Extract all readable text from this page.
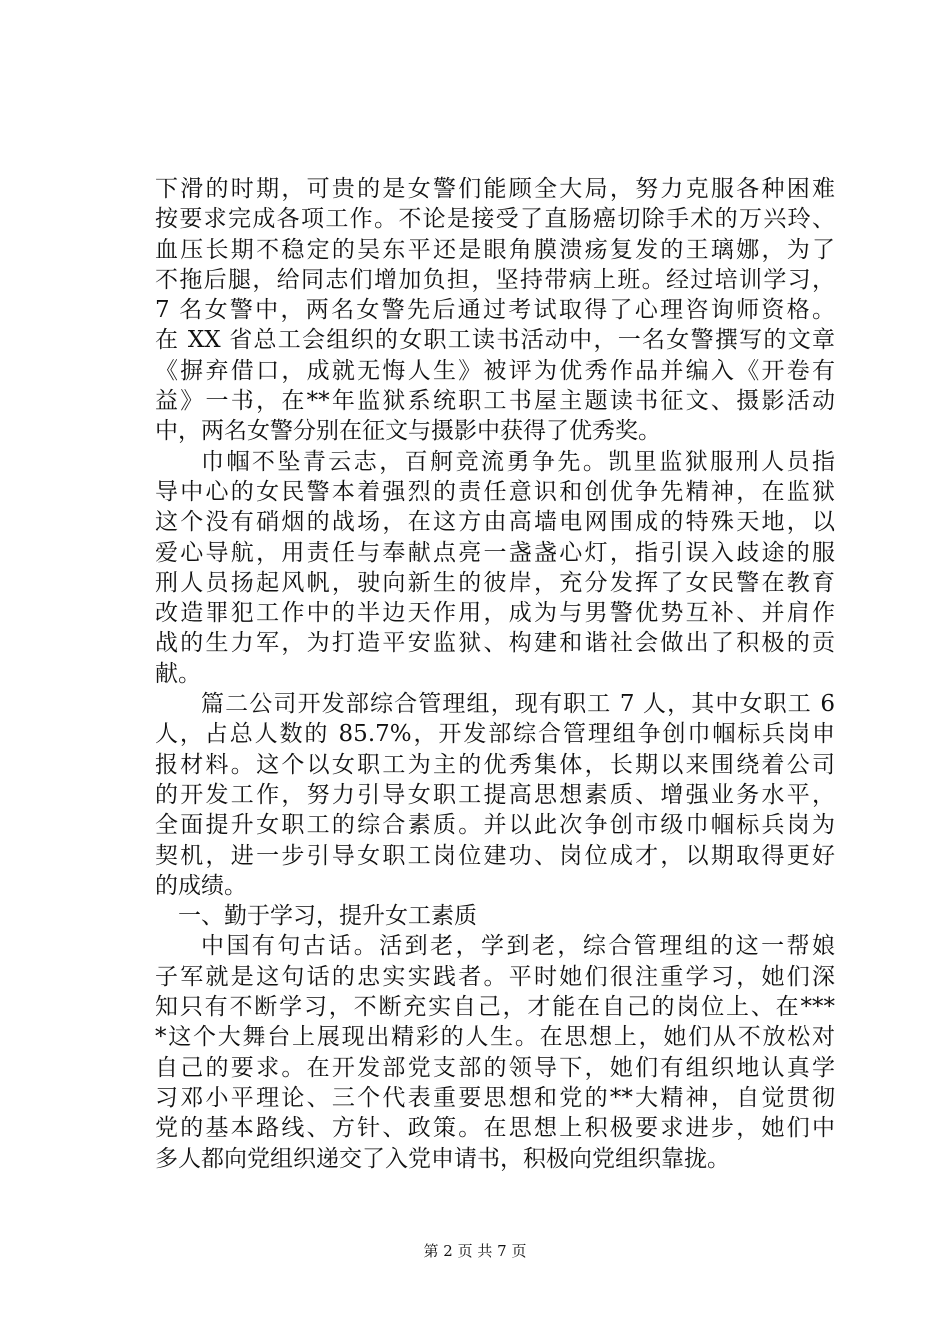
下滑的时期，可贵的是女警们能顾全大局，努力克服各种困难
按要求完成各项工作。不论是接受了直肠癌切除手术的万兴玲、
血压长期不稳定的吴东平还是眼角膜溃疡复发的王璃娜，为了
不拖后腿，给同志们增加负担，坚持带病上班。经过培训学习，
7 名女警中，两名女警先后通过考试取得了心理咨询师资格。
在 XX 省总工会组织的女职工读书活动中，一名女警撰写的文章
《摒弃借口，成就无悔人生》被评为优秀作品并编入《开卷有
益》一书，在**年监狱系统职工书屋主题读书征文、摄影活动
中，两名女警分别在征文与摄影中获得了优秀奖。
巾帼不坠青云志，百舸竞流勇争先。凯里监狱服刑人员指
导中心的女民警本着强烈的责任意识和创优争先精神，在监狱
这个没有硝烟的战场，在这方由高墙电网围成的特殊天地，以
爱心导航，用责任与奉献点亮一盏盏心灯，指引误入歧途的服
刑人员扬起风帆，驶向新生的彼岸，充分发挥了女民警在教育
改造罪犯工作中的半边天作用，成为与男警优势互补、并肩作
战的生力军，为打造平安监狱、构建和谐社会做出了积极的贡
献。
篇二公司开发部综合管理组，现有职工 7 人，其中女职工 6
人，占总人数的 85.7%，开发部综合管理组争创巾帼标兵岗申
报材料。这个以女职工为主的优秀集体，长期以来围绕着公司
的开发工作，努力引导女职工提高思想素质、增强业务水平，
全面提升女职工的综合素质。并以此次争创市级巾帼标兵岗为
契机，进一步引导女职工岗位建功、岗位成才，以期取得更好
的成绩。
一、勤于学习，提升女工素质
中国有句古话。活到老，学到老，综合管理组的这一帮娘
子军就是这句话的忠实实践者。平时她们很注重学习，她们深
知只有不断学习，不断充实自己，才能在自己的岗位上、在***
*这个大舞台上展现出精彩的人生。在思想上，她们从不放松对
自己的要求。在开发部党支部的领导下，她们有组织地认真学
习邓小平理论、三个代表重要思想和党的**大精神，自觉贯彻
党的基本路线、方针、政策。在思想上积极要求进步，她们中
多人都向党组织递交了入党申请书，积极向党组织靠拢。
第 2 页 共 7 页
